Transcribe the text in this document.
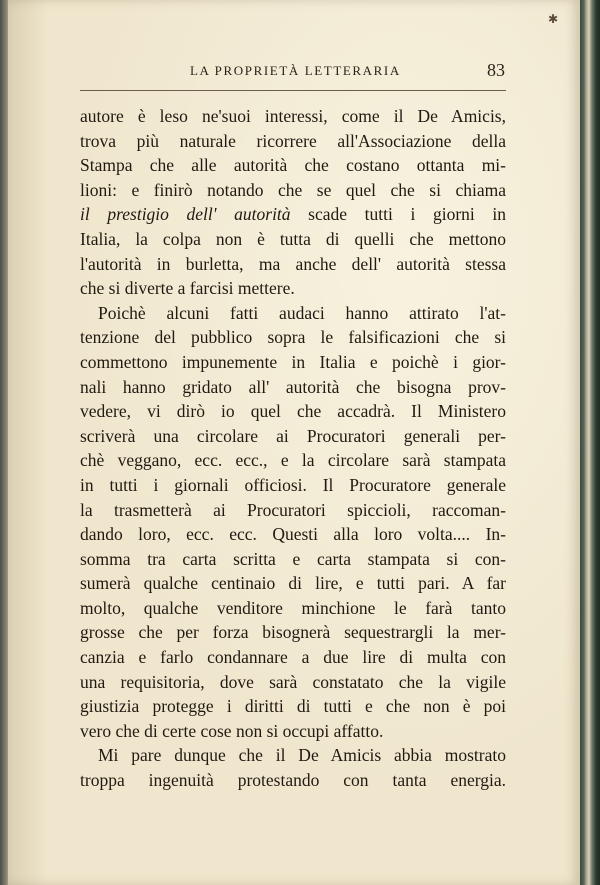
✱
LA PROPRIETÀ LETTERARIA	83
autore è leso ne'suoi interessi, come il De Amicis,
trova più naturale ricorrere all'Associazione della
Stampa che alle autorità che costano ottanta mi-
lioni: e finirò notando che se quel che si chiama
il prestigio dell' autorità scade tutti i giorni in
Italia, la colpa non è tutta di quelli che mettono
l'autorità in burletta, ma anche dell' autorità stessa
che si diverte a farcisi mettere.
Poichè alcuni fatti audaci hanno attirato l'at-
tenzione del pubblico sopra le falsificazioni che si
commettono impunemente in Italia e poichè i gior-
nali hanno gridato all' autorità che bisogna prov-
vedere, vi dirò io quel che accadrà. Il Ministero
scriverà una circolare ai Procuratori generali per-
chè veggano, ecc. ecc., e la circolare sarà stampata
in tutti i giornali officiosi. Il Procuratore generale
la trasmetterà ai Procuratori spiccioli, raccoman-
dando loro, ecc. ecc. Questi alla loro volta.... In-
somma tra carta scritta e carta stampata si con-
sumerà qualche centinaio di lire, e tutti pari. A far
molto, qualche venditore minchione le farà tanto
grosse che per forza bisognerà sequestrargli la mer-
canzia e farlo condannare a due lire di multa con
una requisitoria, dove sarà constatato che la vigile
giustizia protegge i diritti di tutti e che non è poi
vero che di certe cose non si occupi affatto.
Mi pare dunque che il De Amicis abbia mostrato
troppa ingenuità protestando con tanta energia.
